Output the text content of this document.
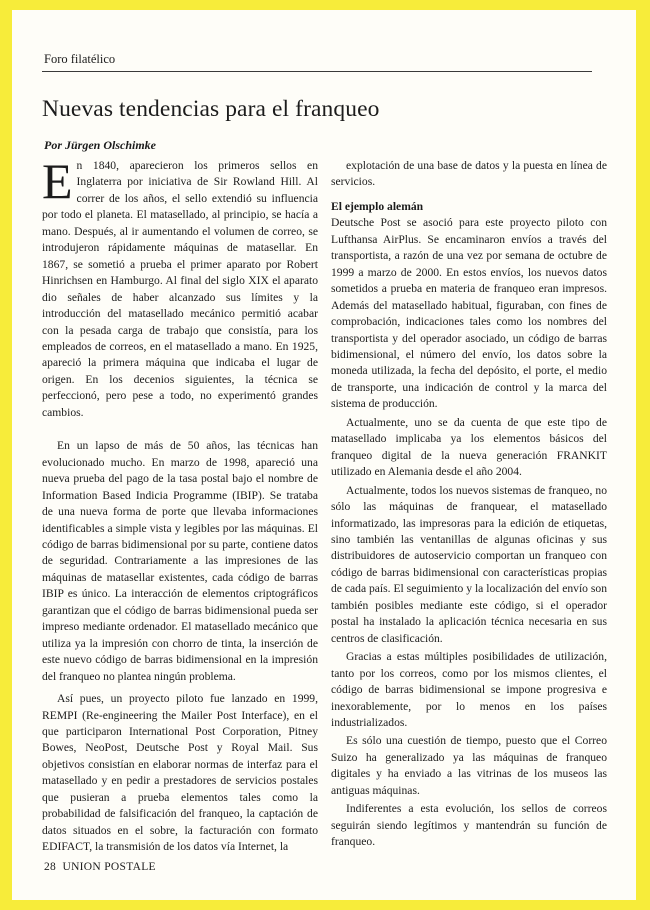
Foro filatélico
Nuevas tendencias para el franqueo

Por Jürgen Olschimke

En 1840, aparecieron los primeros sellos en Inglaterra por iniciativa de Sir Rowland Hill. Al correr de los años, el sello extendió su influencia por todo el planeta. El matasellado, al principio, se hacía a mano. Después, al ir aumentando el volumen de correo, se introdujeron rápidamente máquinas de matasellar. En 1867, se sometió a prueba el primer aparato por Robert Hinrichsen en Hamburgo. Al final del siglo XIX el aparato dio señales de haber alcanzado sus límites y la introducción del matasellado mecánico permitió acabar con la pesada carga de trabajo que consistía, para los empleados de correos, en el matasellado a mano. En 1925, apareció la primera máquina que indicaba el lugar de origen. En los decenios siguientes, la técnica se perfeccionó, pero pese a todo, no experimentó grandes cambios.

En un lapso de más de 50 años, las técnicas han evolucionado mucho. En marzo de 1998, apareció una nueva prueba del pago de la tasa postal bajo el nombre de Information Based Indicia Programme (IBIP). Se trataba de una nueva forma de porte que llevaba informaciones identificables a simple vista y legibles por las máquinas. El código de barras bidimensional por su parte, contiene datos de seguridad. Contrariamente a las impresiones de las máquinas de matasellar existentes, cada código de barras IBIP es único. La interacción de elementos criptográficos garantizan que el código de barras bidimensional pueda ser impreso mediante ordenador. El matasellado mecánico que utiliza ya la impresión con chorro de tinta, la inserción de este nuevo código de barras bidimensional en la impresión del franqueo no plantea ningún problema.

Así pues, un proyecto piloto fue lanzado en 1999, REMPI (Re-engineering the Mailer Post Interface), en el que participaron International Post Corporation, Pitney Bowes, NeoPost, Deutsche Post y Royal Mail. Sus objetivos consistían en elaborar normas de interfaz para el matasellado y en pedir a prestadores de servicios postales que pusieran a prueba elementos tales como la probabilidad de falsificación del franqueo, la captación de datos situados en el sobre, la facturación con formato EDIFACT, la transmisión de los datos vía Internet, la

explotación de una base de datos y la puesta en línea de servicios.

El ejemplo alemán

Deutsche Post se asoció para este proyecto piloto con Lufthansa AirPlus. Se encaminaron envíos a través del transportista, a razón de una vez por semana de octubre de 1999 a marzo de 2000. En estos envíos, los nuevos datos sometidos a prueba en materia de franqueo eran impresos. Además del matasellado habitual, figuraban, con fines de comprobación, indicaciones tales como los nombres del transportista y del operador asociado, un código de barras bidimensional, el número del envío, los datos sobre la moneda utilizada, la fecha del depósito, el porte, el medio de transporte, una indicación de control y la marca del sistema de producción.

Actualmente, uno se da cuenta de que este tipo de matasellado implicaba ya los elementos básicos del franqueo digital de la nueva generación FRANKIT utilizado en Alemania desde el año 2004.

Actualmente, todos los nuevos sistemas de franqueo, no sólo las máquinas de franquear, el matasellado informatizado, las impresoras para la edición de etiquetas, sino también las ventanillas de algunas oficinas y sus distribuidores de autoservicio comportan un franqueo con código de barras bidimensional con características propias de cada país. El seguimiento y la localización del envío son también posibles mediante este código, si el operador postal ha instalado la aplicación técnica necesaria en sus centros de clasificación.

Gracias a estas múltiples posibilidades de utilización, tanto por los correos, como por los mismos clientes, el código de barras bidimensional se impone progresiva e inexorablemente, por lo menos en los países industrializados.

Es sólo una cuestión de tiempo, puesto que el Correo Suizo ha generalizado ya las máquinas de franqueo digitales y ha enviado a las vitrinas de los museos las antiguas máquinas.

Indiferentes a esta evolución, los sellos de correos seguirán siendo legítimos y mantendrán su función de franqueo.

28 UNION POSTALE
